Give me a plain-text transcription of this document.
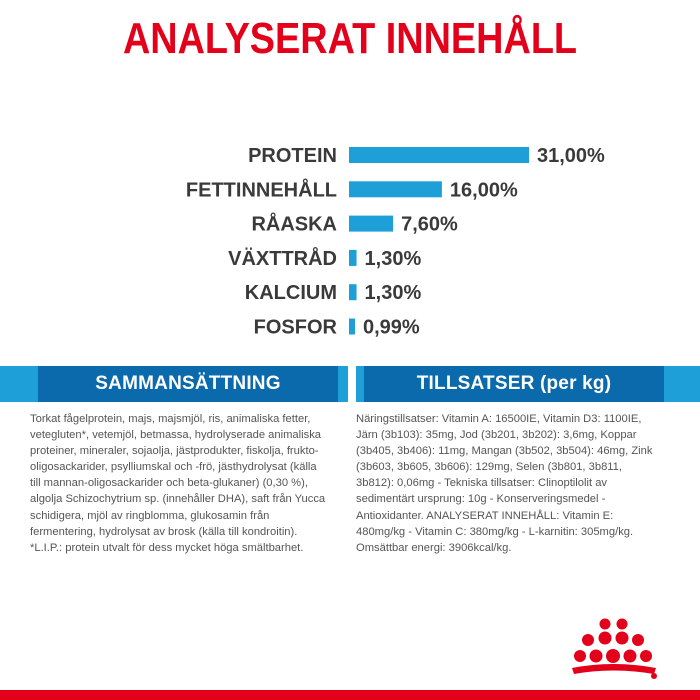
ANALYSERAT INNEHÅLL
PROTEIN	31,00%
FETTINNEHÅLL	16,00%
RÅASKA	7,60%
VÄXTTRÅD 1,30%
KALCIUM 1,30%
FOSFOR 0,99%
SAMMANSÄTTNING	TILLSATSER (per kg)
Torkat fågelprotein, majs, majsmjöl, ris, animaliska fetter, vetegluten*, vetemjöl, betmassa, hydrolyserade animaliska proteiner, mineraler, sojaolja, jästprodukter, fiskolja, frukto-oligosackarider, psylliumskal och -frö, jästhydrolysat (källa till mannan-oligosackarider och beta-glukaner) (0,30 %), algolja Schizochytrium sp. (innehåller DHA), saft från Yucca schidigera, mjöl av ringblomma, glukosamin från fermentering, hydrolysat av brosk (källa till kondroitin). *L.I.P.: protein utvalt för dess mycket höga smältbarhet.
Näringstillsatser: Vitamin A: 16500IE, Vitamin D3: 1100IE, Järn (3b103): 35mg, Jod (3b201, 3b202): 3,6mg, Koppar (3b405, 3b406): 11mg, Mangan (3b502, 3b504): 46mg, Zink (3b603, 3b605, 3b606): 129mg, Selen (3b801, 3b811, 3b812): 0,06mg - Tekniska tillsatser: Clinoptilolit av sedimentärt ursprung: 10g - Konserveringsmedel - Antioxidanter. ANALYSERAT INNEHÅLL: Vitamin E: 480mg/kg - Vitamin C: 380mg/kg - L-karnitin: 305mg/kg. Omsättbar energi: 3906kcal/kg.
